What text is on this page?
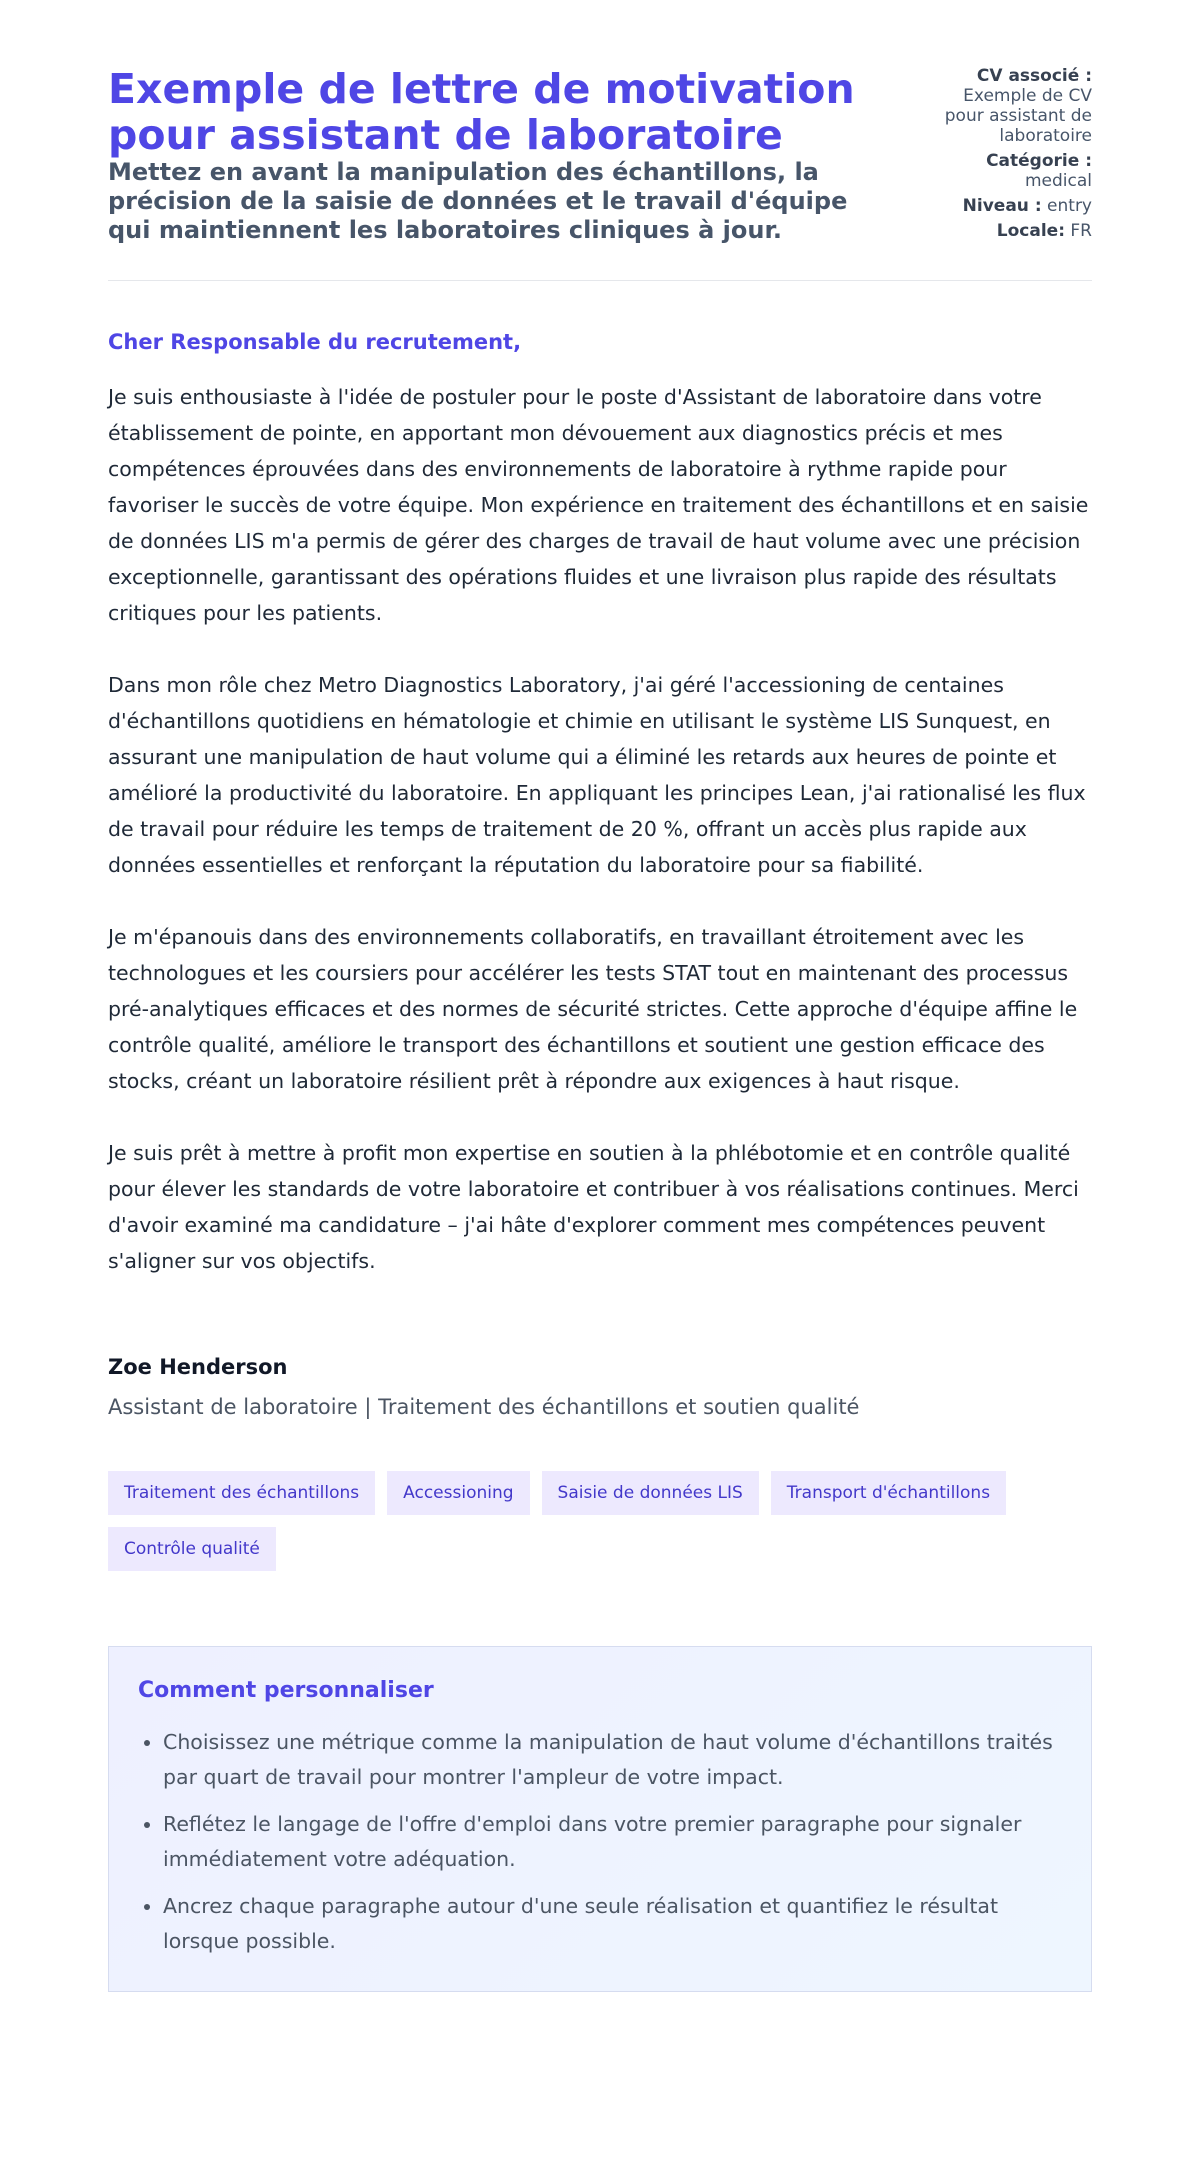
Exemple de lettre de motivation pour assistant de laboratoire

Mettez en avant la manipulation des échantillons, la précision de la saisie de données et le travail d'équipe qui maintiennent les laboratoires cliniques à jour.

CV associé : Exemple de CV pour assistant de laboratoire

Catégorie : medical

Niveau : entry

Locale: FR

Cher Responsable du recrutement,

Je suis enthousiaste à l'idée de postuler pour le poste d'Assistant de laboratoire dans votre établissement de pointe, en apportant mon dévouement aux diagnostics précis et mes compétences éprouvées dans des environnements de laboratoire à rythme rapide pour favoriser le succès de votre équipe. Mon expérience en traitement des échantillons et en saisie de données LIS m'a permis de gérer des charges de travail de haut volume avec une précision exceptionnelle, garantissant des opérations fluides et une livraison plus rapide des résultats critiques pour les patients.

Dans mon rôle chez Metro Diagnostics Laboratory, j'ai géré l'accessioning de centaines d'échantillons quotidiens en hématologie et chimie en utilisant le système LIS Sunquest, en assurant une manipulation de haut volume qui a éliminé les retards aux heures de pointe et amélioré la productivité du laboratoire. En appliquant les principes Lean, j'ai rationalisé les flux de travail pour réduire les temps de traitement de 20 %, offrant un accès plus rapide aux données essentielles et renforçant la réputation du laboratoire pour sa fiabilité.

Je m'épanouis dans des environnements collaboratifs, en travaillant étroitement avec les technologues et les coursiers pour accélérer les tests STAT tout en maintenant des processus pré-analytiques efficaces et des normes de sécurité strictes. Cette approche d'équipe affine le contrôle qualité, améliore le transport des échantillons et soutient une gestion efficace des stocks, créant un laboratoire résilient prêt à répondre aux exigences à haut risque.

Je suis prêt à mettre à profit mon expertise en soutien à la phlébotomie et en contrôle qualité pour élever les standards de votre laboratoire et contribuer à vos réalisations continues. Merci d'avoir examiné ma candidature – j'ai hâte d'explorer comment mes compétences peuvent s'aligner sur vos objectifs.

Zoe Henderson

Assistant de laboratoire | Traitement des échantillons et soutien qualité

Traitement des échantillons	Accessioning	Saisie de données LIS	Transport d'échantillons
Contrôle qualité
Comment personnaliser
• Choisissez une métrique comme la manipulation de haut volume d'échantillons traités par quart de travail pour montrer l'ampleur de votre impact.
• Reflétez le langage de l'offre d'emploi dans votre premier paragraphe pour signaler immédiatement votre adéquation.
• Ancrez chaque paragraphe autour d'une seule réalisation et quantifiez le résultat lorsque possible.
